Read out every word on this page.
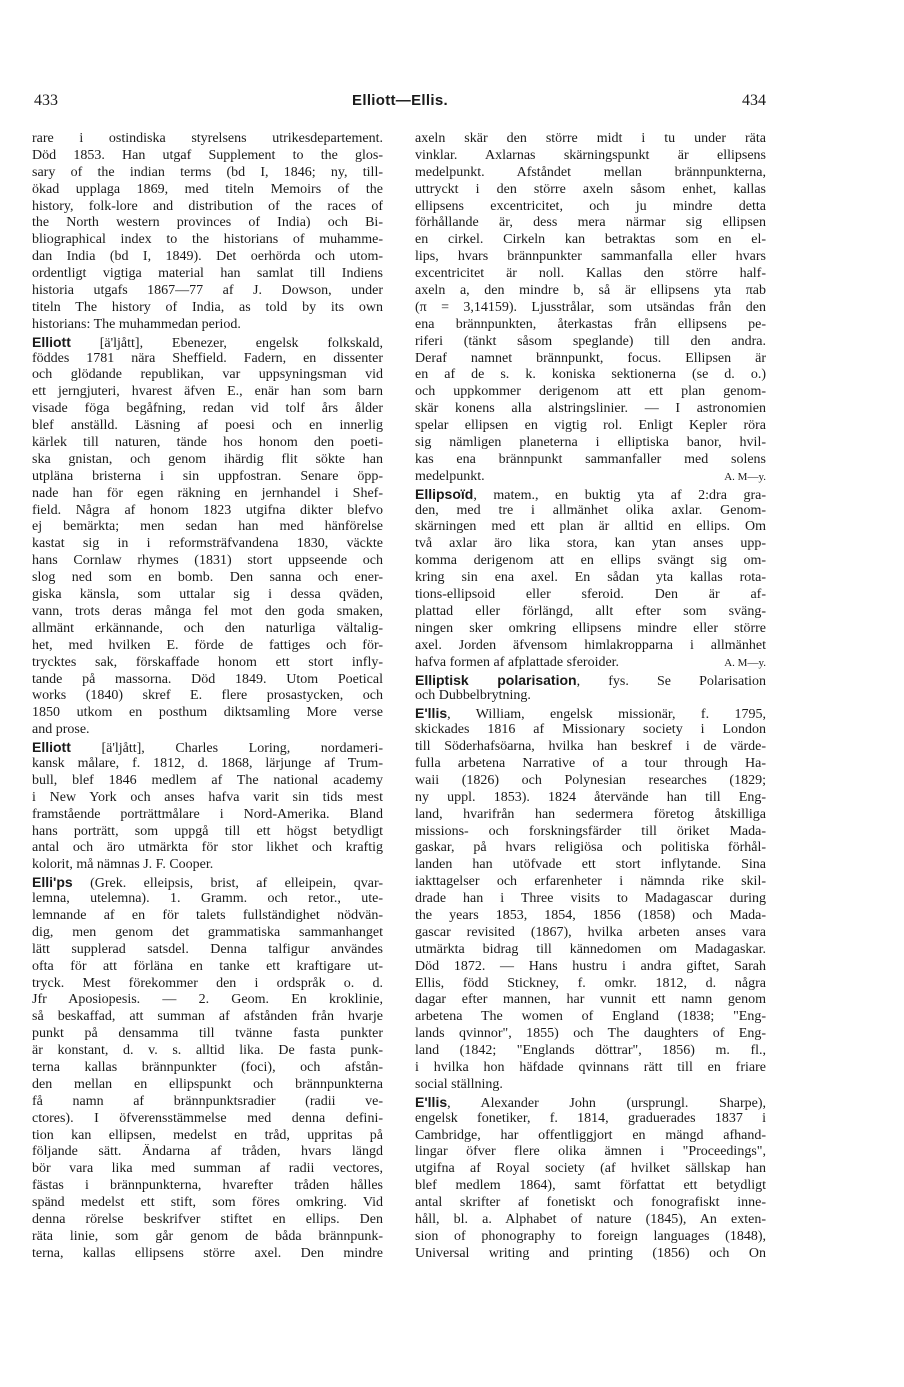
433	Elliott—Ellis.	434
rare i ostindiska styrelsens utrikesdepartement.
Död 1853. Han utgaf Supplement to the glos-
sary of the indian terms (bd I, 1846; ny, till-
ökad upplaga 1869, med titeln Memoirs of the
history, folk-lore and distribution of the races of
the North western provinces of India) och Bi-
bliographical index to the historians of muhamme-
dan India (bd I, 1849). Det oerhörda och utom-
ordentligt vigtiga material han samlat till Indiens
historia utgafs 1867—77 af J. Dowson, under
titeln The history of India, as told by its own
historians: The muhammedan period.
Elliott [ä'ljått], Ebenezer, engelsk folkskald,
föddes 1781 nära Sheffield. Fadern, en dissenter
och glödande republikan, var uppsyningsman vid
ett jerngjuteri, hvarest äfven E., enär han som barn
visade föga begåfning, redan vid tolf års ålder
blef anställd. Läsning af poesi och en innerlig
kärlek till naturen, tände hos honom den poeti-
ska gnistan, och genom ihärdig flit sökte han
utpläna bristerna i sin uppfostran. Senare öpp-
nade han för egen räkning en jernhandel i Shef-
field. Några af honom 1823 utgifna dikter blefvo
ej bemärkta; men sedan han med hänförelse
kastat sig in i reformsträfvandena 1830, väckte
hans Cornlaw rhymes (1831) stort uppseende och
slog ned som en bomb. Den sanna och ener-
giska känsla, som uttalar sig i dessa qväden,
vann, trots deras många fel mot den goda smaken,
allmänt erkännande, och den naturliga vältalig-
het, med hvilken E. förde de fattiges och för-
trycktes sak, förskaffade honom ett stort infly-
tande på massorna. Död 1849. Utom Poetical
works (1840) skref E. flere prosastycken, och
1850 utkom en posthum diktsamling More verse
and prose.
Elliott [ä'ljått], Charles Loring, nordameri-
kansk målare, f. 1812, d. 1868, lärjunge af Trum-
bull, blef 1846 medlem af The national academy
i New York och anses hafva varit sin tids mest
framstående porträttmålare i Nord-Amerika. Bland
hans porträtt, som uppgå till ett högst betydligt
antal och äro utmärkta för stor likhet och kraftig
kolorit, må nämnas J. F. Cooper.
Elli'ps (Grek. elleipsis, brist, af elleipein, qvar-
lemna, utelemna). 1. Gramm. och retor., ute-
lemnande af en för talets fullständighet nödvän-
dig, men genom det grammatiska sammanhanget
lätt supplerad satsdel. Denna talfigur användes
ofta för att förläna en tanke ett kraftigare ut-
tryck. Mest förekommer den i ordspråk o. d.
Jfr Aposiopesis. — 2. Geom. En kroklinie,
så beskaffad, att summan af afstånden från hvarje
punkt på densamma till tvänne fasta punkter
är konstant, d. v. s. alltid lika. De fasta punk-
terna kallas brännpunkter (foci), och afstån-
den mellan en ellipspunkt och brännpunkterna
få namn af brännpunktsradier (radii ve-
ctores). I öfverensstämmelse med denna defini-
tion kan ellipsen, medelst en tråd, uppritas på
följande sätt. Ändarna af tråden, hvars längd
bör vara lika med summan af radii vectores,
fästas i brännpunkterna, hvarefter tråden hålles
spänd medelst ett stift, som föres omkring. Vid
denna rörelse beskrifver stiftet en ellips. Den
räta linie, som går genom de båda brännpunk-
terna, kallas ellipsens större axel. Den mindre
axeln skär den större midt i tu under räta
vinklar. Axlarnas skärningspunkt är ellipsens
medelpunkt. Afståndet mellan brännpunkterna,
uttryckt i den större axeln såsom enhet, kallas
ellipsens excentricitet, och ju mindre detta
förhållande är, dess mera närmar sig ellipsen
en cirkel. Cirkeln kan betraktas som en el-
lips, hvars brännpunkter sammanfalla eller hvars
excentricitet är noll. Kallas den större half-
axeln a, den mindre b, så är ellipsens yta πab
(π = 3,14159). Ljusstrålar, som utsändas från den
ena brännpunkten, återkastas från ellipsens pe-
riferi (tänkt såsom speglande) till den andra.
Deraf namnet brännpunkt, focus. Ellipsen är
en af de s. k. koniska sektionerna (se d. o.)
och uppkommer derigenom att ett plan genom-
skär konens alla alstringslinier. — I astronomien
spelar ellipsen en vigtig rol. Enligt Kepler röra
sig nämligen planeterna i elliptiska banor, hvil-
kas ena brännpunkt sammanfaller med solens
medelpunkt.	A. M—y.
Ellipsoïd, matem., en buktig yta af 2:dra gra-
den, med tre i allmänhet olika axlar. Genom-
skärningen med ett plan är alltid en ellips. Om
två axlar äro lika stora, kan ytan anses upp-
komma derigenom att en ellips svängt sig om-
kring sin ena axel. En sådan yta kallas rota-
tions-ellipsoid eller sferoid. Den är af-
plattad eller förlängd, allt efter som sväng-
ningen sker omkring ellipsens mindre eller större
axel. Jorden äfvensom himlakropparna i allmänhet
hafva formen af afplattade sferoider.	A. M—y.
Elliptisk polarisation, fys. Se Polarisation
och Dubbelbrytning.
E'llis, William, engelsk missionär, f. 1795,
skickades 1816 af Missionary society i London
till Söderhafsöarna, hvilka han beskref i de värde-
fulla arbetena Narrative of a tour through Ha-
waii (1826) och Polynesian researches (1829;
ny uppl. 1853). 1824 återvände han till Eng-
land, hvarifrån han sedermera företog åtskilliga
missions- och forskningsfärder till öriket Mada-
gaskar, på hvars religiösa och politiska förhål-
landen han utöfvade ett stort inflytande. Sina
iakttagelser och erfarenheter i nämnda rike skil-
drade han i Three visits to Madagascar during
the years 1853, 1854, 1856 (1858) och Mada-
gascar revisited (1867), hvilka arbeten anses vara
utmärkta bidrag till kännedomen om Madagaskar.
Död 1872. — Hans hustru i andra giftet, Sarah
Ellis, född Stickney, f. omkr. 1812, d. några
dagar efter mannen, har vunnit ett namn genom
arbetena The women of England (1838; "Eng-
lands qvinnor", 1855) och The daughters of Eng-
land (1842; "Englands döttrar", 1856) m. fl.,
i hvilka hon häfdade qvinnans rätt till en friare
social ställning.
E'llis, Alexander John (ursprungl. Sharpe),
engelsk fonetiker, f. 1814, graduerades 1837 i
Cambridge, har offentliggjort en mängd afhand-
lingar öfver flere olika ämnen i "Proceedings",
utgifna af Royal society (af hvilket sällskap han
blef medlem 1864), samt författat ett betydligt
antal skrifter af fonetiskt och fonografiskt inne-
håll, bl. a. Alphabet of nature (1845), An exten-
sion of phonography to foreign languages (1848),
Universal writing and printing (1856) och On
